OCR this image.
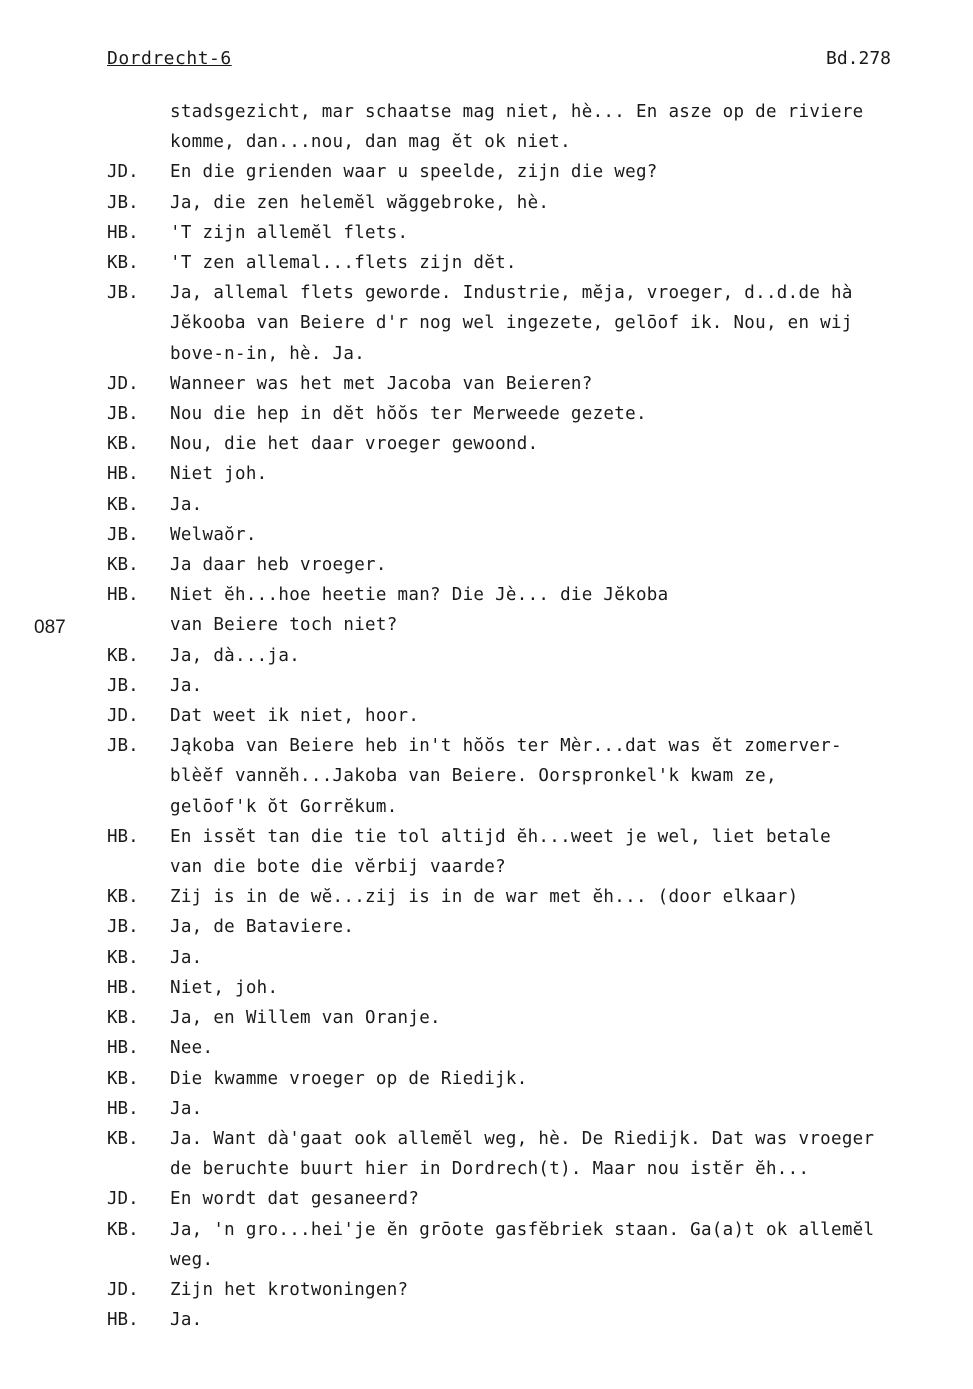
Dordrecht-6	Bd.278
087
stadsgezicht, mar schaatse mag niet, hè... En asze op de riviere
komme, dan...nou, dan mag ĕt ok niet.
JD.	En die grienden waar u speelde, zijn die weg?
JB.	Ja, die zen helemĕl wăggebroke, hè.
HB.	'T zijn allemĕl flets.
KB.	'T zen allemal...flets zijn dĕt.
JB.	Ja, allemal flets geworde. Industrie, mĕja, vroeger, d..d.de hà
Jĕkooba van Beiere d'r nog wel ingezete, gelōof ik. Nou, en wij
bove-n-in, hè. Ja.
JD.	Wanneer was het met Jacoba van Beieren?
JB.	Nou die hep in dĕt hŏŏs ter Merweede gezete.
KB.	Nou, die het daar vroeger gewoond.
HB.	Niet joh.
KB.	Ja.
JB.	Welwaŏr.
KB.	Ja daar heb vroeger.
HB.	Niet ĕh...hoe heetie man? Die Jè... die Jĕkoba
van Beiere toch niet?
KB.	Ja, dà...ja.
JB.	Ja.
JD.	Dat weet ik niet, hoor.
JB.	Jąkoba van Beiere heb in't hŏŏs ter Mèr...dat was ĕt zomerver-
blèĕf vannĕh...Jakoba van Beiere. Oorspronkel'k kwam ze,
gelōof'k ŏt Gorrĕkum.
HB.	En issĕt tan die tie tol altijd ĕh...weet je wel, liet betale
van die bote die vĕrbij vaarde?
KB.	Zij is in de wĕ...zij is in de war met ĕh... (door elkaar)
JB.	Ja, de Bataviere.
KB.	Ja.
HB.	Niet, joh.
KB.	Ja, en Willem van Oranje.
HB.	Nee.
KB.	Die kwamme vroeger op de Riedijk.
HB.	Ja.
KB.	Ja. Want dà'gaat ook allemĕl weg, hè. De Riedijk. Dat was vroeger
de beruchte buurt hier in Dordrech(t). Maar nou istĕr ĕh...
JD.	En wordt dat gesaneerd?
KB.	Ja, 'n gro...hei'je ĕn grōote gasfĕbriek staan. Ga(a)t ok allemĕl
weg.
JD.	Zijn het krotwoningen?
HB.	Ja.
